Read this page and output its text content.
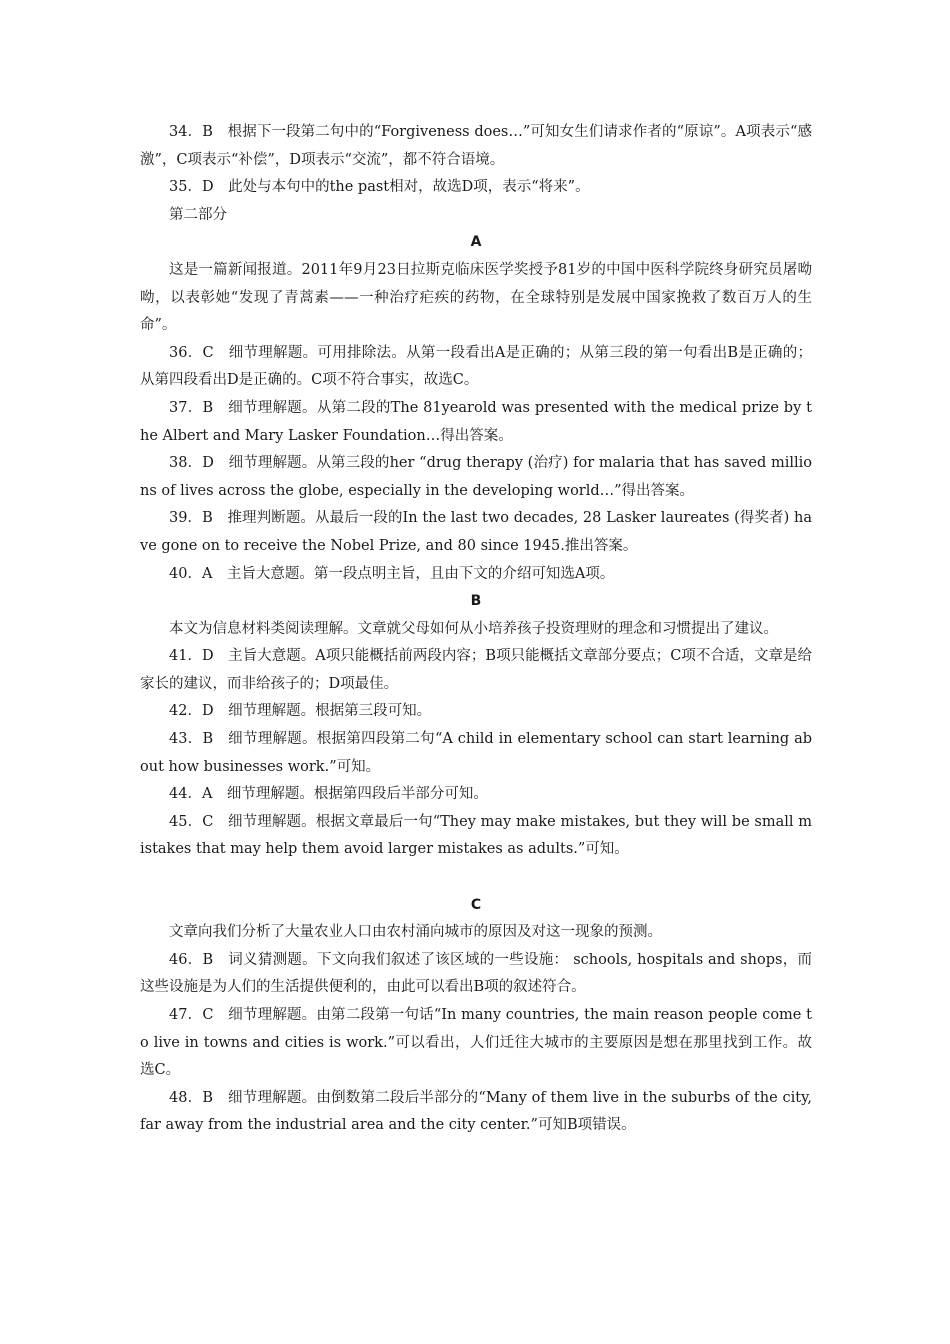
34．B　根据下一段第二句中的“Forgiveness does…”可知女生们请求作者的“原谅”。A项表示“感激”，C项表示“补偿”，D项表示“交流”，都不符合语境。

35．D　此处与本句中的the past相对，故选D项，表示“将来”。

第二部分

A

这是一篇新闻报道。2011年9月23日拉斯克临床医学奖授予81岁的中国中医科学院终身研究员屠呦呦，以表彰她“发现了青蒿素——一种治疗疟疾的药物，在全球特别是发展中国家挽救了数百万人的生命”。

36．C　细节理解题。可用排除法。从第一段看出A是正确的；从第三段的第一句看出B是正确的；从第四段看出D是正确的。C项不符合事实，故选C。

37．B　细节理解题。从第二段的The 81yearold was presented with the medical prize by the Albert and Mary Lasker Foundation…得出答案。

38．D　细节理解题。从第三段的her “drug therapy (治疗) for malaria that has saved millions of lives across the globe, especially in the developing world…”得出答案。

39．B　推理判断题。从最后一段的In the last two decades, 28 Lasker laureates (得奖者) have gone on to receive the Nobel Prize, and 80 since 1945.推出答案。

40．A　主旨大意题。第一段点明主旨，且由下文的介绍可知选A项。

B

本文为信息材料类阅读理解。文章就父母如何从小培养孩子投资理财的理念和习惯提出了建议。

41．D　主旨大意题。A项只能概括前两段内容；B项只能概括文章部分要点；C项不合适，文章是给家长的建议，而非给孩子的；D项最佳。

42．D　细节理解题。根据第三段可知。

43．B　细节理解题。根据第四段第二句“A child in elementary school can start learning about how businesses work.”可知。

44．A　细节理解题。根据第四段后半部分可知。

45．C　细节理解题。根据文章最后一句“They may make mistakes, but they will be small mistakes that may help them avoid larger mistakes as adults.”可知。

C

文章向我们分析了大量农业人口由农村涌向城市的原因及对这一现象的预测。

46．B　词义猜测题。下文向我们叙述了该区域的一些设施： schools, hospitals and shops，而这些设施是为人们的生活提供便利的，由此可以看出B项的叙述符合。

47．C　细节理解题。由第二段第一句话“In many countries, the main reason people come to live in towns and cities is work.”可以看出，人们迁往大城市的主要原因是想在那里找到工作。故选C。

48．B　细节理解题。由倒数第二段后半部分的“Many of them live in the suburbs of the city, far away from the industrial area and the city center.”可知B项错误。
